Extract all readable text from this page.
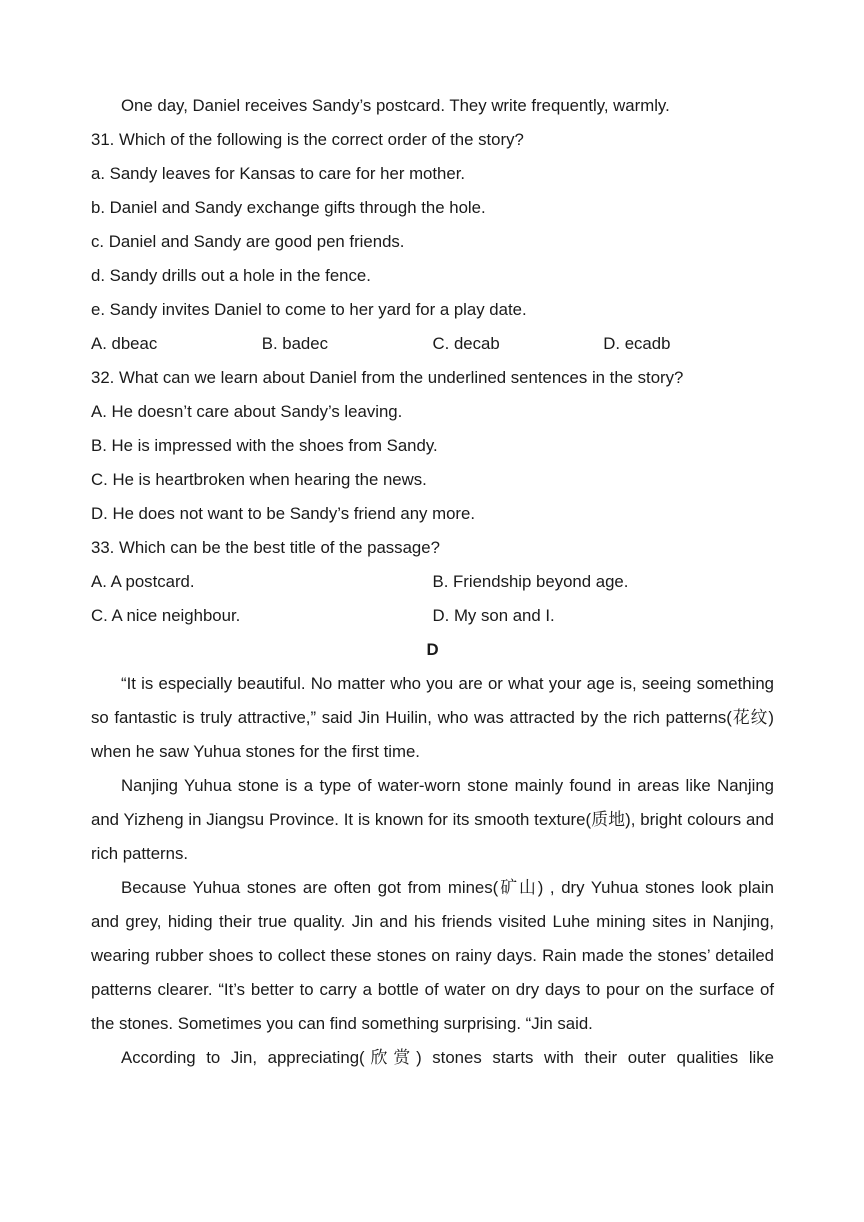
One day, Daniel receives Sandy’s postcard. They write frequently, warmly.
31. Which of the following is the correct order of the story?
a. Sandy leaves for Kansas to care for her mother.
b. Daniel and Sandy exchange gifts through the hole.
c. Daniel and Sandy are good pen friends.
d. Sandy drills out a hole in the fence.
e. Sandy invites Daniel to come to her yard for a play date.
A. dbeac	B. badec	C. decab	D. ecadb
32. What can we learn about Daniel from the underlined sentences in the story?
A. He doesn’t care about Sandy’s leaving.
B. He is impressed with the shoes from Sandy.
C. He is heartbroken when hearing the news.
D. He does not want to be Sandy’s friend any more.
33. Which can be the best title of the passage?
A. A postcard.	B. Friendship beyond age.
C. A nice neighbour.	D. My son and I.
D

“It is especially beautiful. No matter who you are or what your age is, seeing something so fantastic is truly attractive,” said Jin Huilin, who was attracted by the rich patterns(花纹) when he saw Yuhua stones for the first time.

Nanjing Yuhua stone is a type of water-worn stone mainly found in areas like Nanjing and Yizheng in Jiangsu Province. It is known for its smooth texture(质地), bright colours and rich patterns.

Because Yuhua stones are often got from mines(矿山) , dry Yuhua stones look plain and grey, hiding their true quality. Jin and his friends visited Luhe mining sites in Nanjing, wearing rubber shoes to collect these stones on rainy days. Rain made the stones’ detailed patterns clearer. “It’s better to carry a bottle of water on dry days to pour on the surface of the stones. Sometimes you can find something surprising. “Jin said.

According to Jin, appreciating(欣赏) stones starts with their outer qualities like
